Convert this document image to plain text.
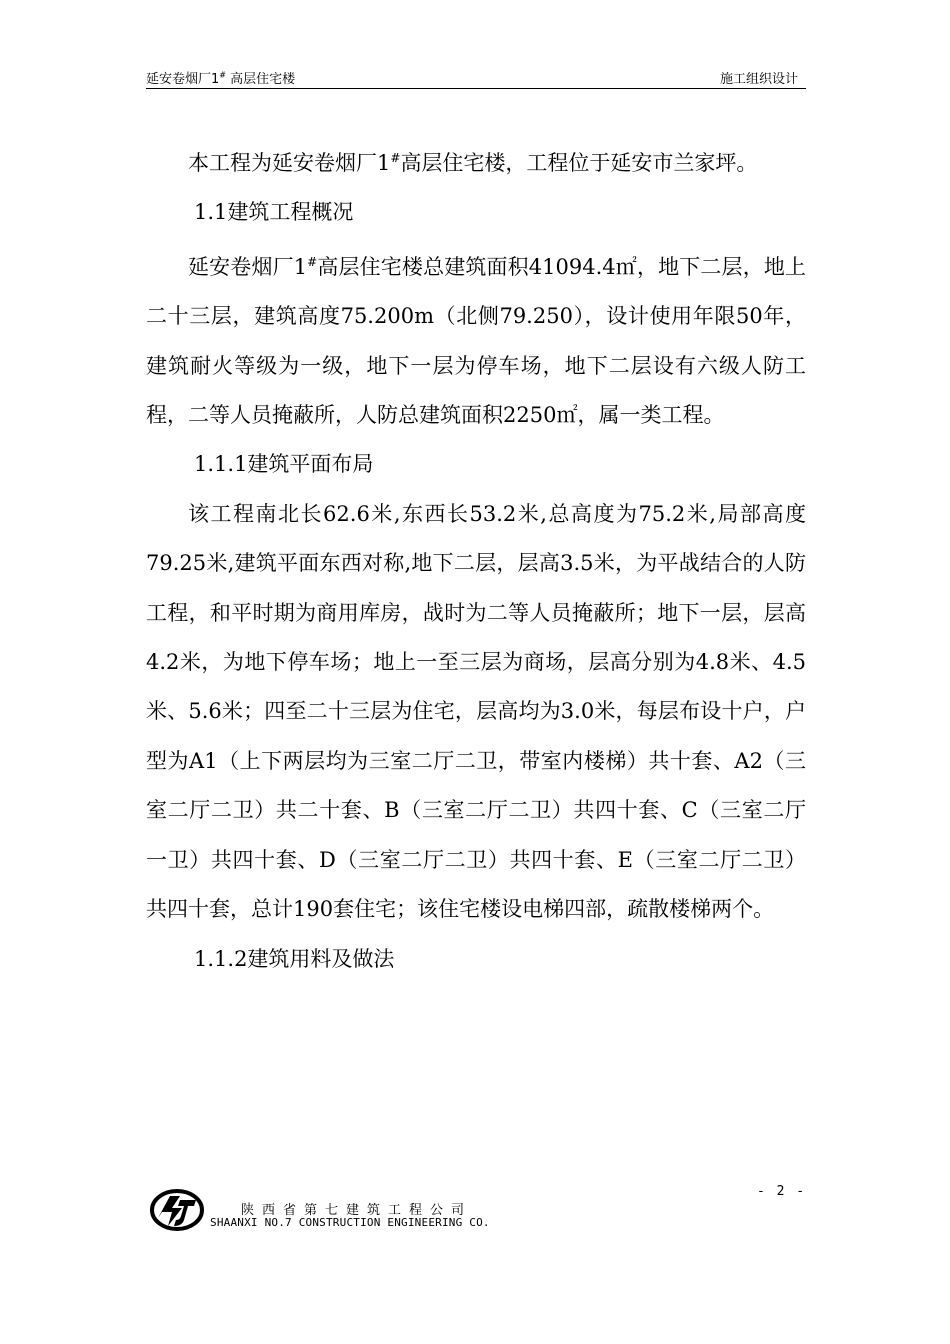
延安卷烟厂1# 高层住宅楼	施工组织设计

本工程为延安卷烟厂1#高层住宅楼，工程位于延安市兰家坪。

1.1建筑工程概况

延安卷烟厂1#高层住宅楼总建筑面积41094.4㎡，地下二层，地上二十三层，建筑高度75.200m（北侧79.250），设计使用年限50年，建筑耐火等级为一级，地下一层为停车场，地下二层设有六级人防工程，二等人员掩蔽所，人防总建筑面积2250㎡，属一类工程。

1.1.1建筑平面布局

该工程南北长62.6米,东西长53.2米,总高度为75.2米,局部高度79.25米,建筑平面东西对称,地下二层，层高3.5米，为平战结合的人防工程，和平时期为商用库房，战时为二等人员掩蔽所；地下一层，层高4.2米，为地下停车场；地上一至三层为商场，层高分别为4.8米、4.5米、5.6米；四至二十三层为住宅，层高均为3.0米，每层布设十户，户型为A1（上下两层均为三室二厅二卫，带室内楼梯）共十套、A2（三室二厅二卫）共二十套、B（三室二厅二卫）共四十套、C（三室二厅一卫）共四十套、D（三室二厅二卫）共四十套、E（三室二厅二卫）共四十套，总计190套住宅；该住宅楼设电梯四部，疏散楼梯两个。

1.1.2建筑用料及做法

- 2 -
陕西省第七建筑工程公司
SHAANXI NO.7 CONSTRUCTION ENGINEERING CO.
